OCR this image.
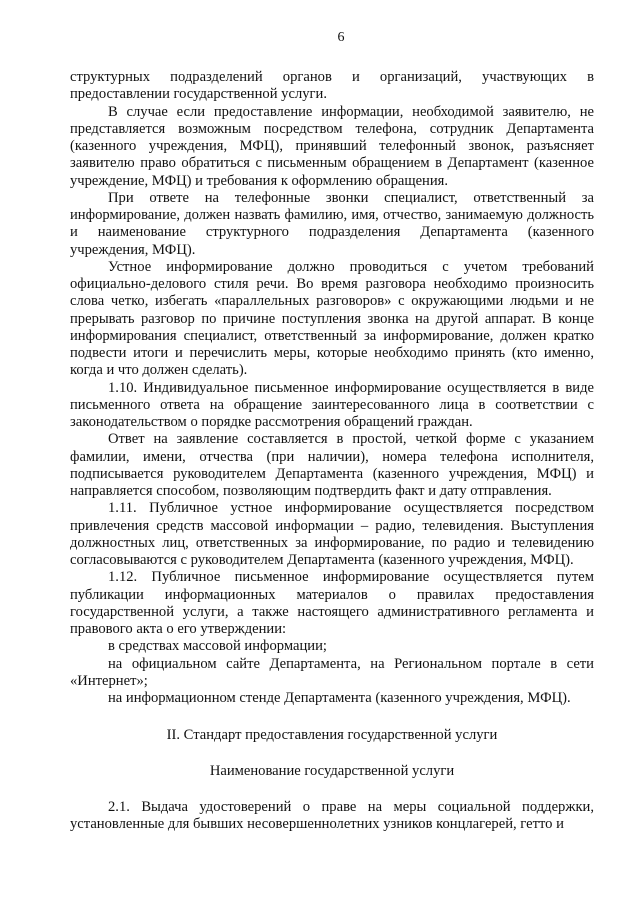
6

структурных подразделений органов и организаций, участвующих в предоставлении государственной услуги.

В случае если предоставление информации, необходимой заявителю, не представляется возможным посредством телефона, сотрудник Департамента (казенного учреждения, МФЦ), принявший телефонный звонок, разъясняет заявителю право обратиться с письменным обращением в Департамент (казенное учреждение, МФЦ) и требования к оформлению обращения.

При ответе на телефонные звонки специалист, ответственный за информирование, должен назвать фамилию, имя, отчество, занимаемую должность и наименование структурного подразделения Департамента (казенного учреждения, МФЦ).

Устное информирование должно проводиться с учетом требований официально-делового стиля речи. Во время разговора необходимо произносить слова четко, избегать «параллельных разговоров» с окружающими людьми и не прерывать разговор по причине поступления звонка на другой аппарат. В конце информирования специалист, ответственный за информирование, должен кратко подвести итоги и перечислить меры, которые необходимо принять (кто именно, когда и что должен сделать).

1.10. Индивидуальное письменное информирование осуществляется в виде письменного ответа на обращение заинтересованного лица в соответствии с законодательством о порядке рассмотрения обращений граждан.

Ответ на заявление составляется в простой, четкой форме с указанием фамилии, имени, отчества (при наличии), номера телефона исполнителя, подписывается руководителем Департамента (казенного учреждения, МФЦ) и направляется способом, позволяющим подтвердить факт и дату отправления.

1.11. Публичное устное информирование осуществляется посредством привлечения средств массовой информации – радио, телевидения. Выступления должностных лиц, ответственных за информирование, по радио и телевидению согласовываются с руководителем Департамента (казенного учреждения, МФЦ).

1.12. Публичное письменное информирование осуществляется путем публикации информационных материалов о правилах предоставления государственной услуги, а также настоящего административного регламента и правового акта о его утверждении:

в средствах массовой информации;

на официальном сайте Департамента, на Региональном портале в сети «Интернет»;

на информационном стенде Департамента (казенного учреждения, МФЦ).

II. Стандарт предоставления государственной услуги

Наименование государственной услуги

2.1. Выдача удостоверений о праве на меры социальной поддержки, установленные для бывших несовершеннолетних узников концлагерей, гетто и
